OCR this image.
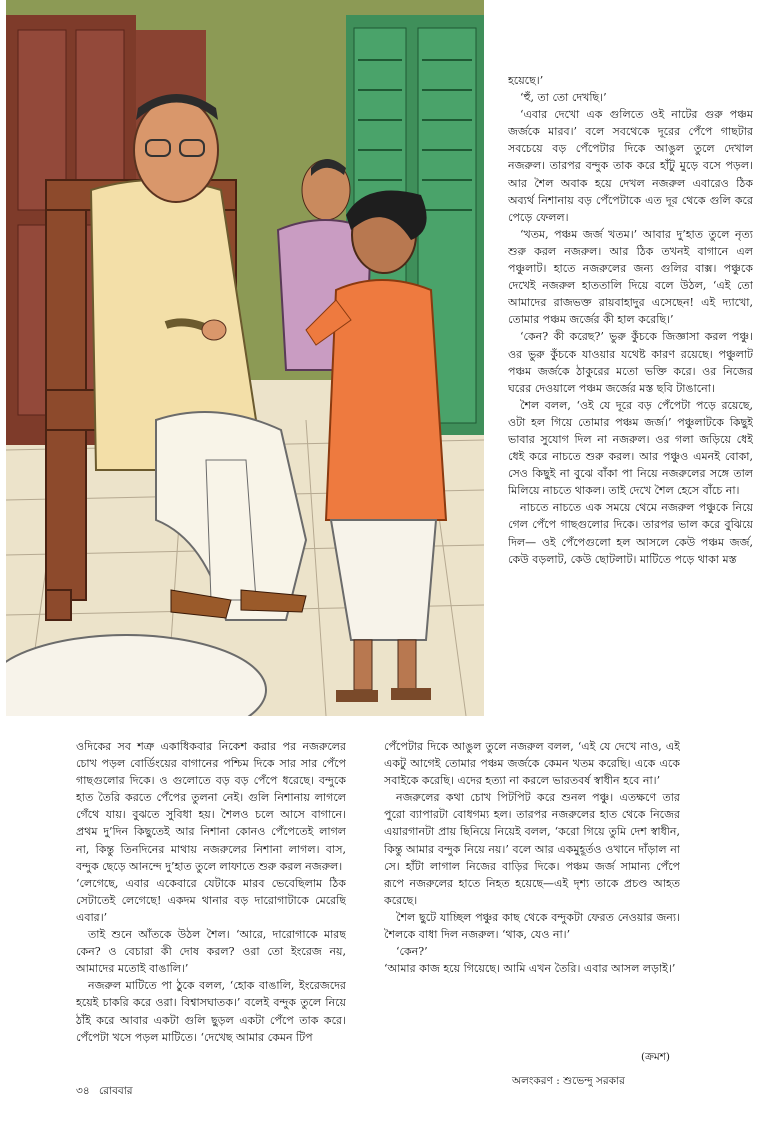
হয়েছে।’

‘হুঁ, তা তো দেখছি।’

‘এবার দেখো এক গুলিতে ওই নাটের গুরু পঞ্চম জর্জকে মারব।’ বলে সবথেকে দূরের পেঁপে গাছটার সবচেয়ে বড় পেঁপেটার দিকে আঙুল তুলে দেখাল নজরুল। তারপর বন্দুক তাক করে হাঁটু মুড়ে বসে পড়ল। আর শৈল অবাক হয়ে দেখল নজরুল এবারেও ঠিক অব্যর্থ নিশানায় বড় পেঁপেটাকে এত দূর থেকে গুলি করে পেড়ে ফেলল।

‘খতম, পঞ্চম জর্জ খতম।’ আবার দু’হাত তুলে নৃত্য শুরু করল নজরুল। আর ঠিক তখনই বাগানে এল পঞ্চুলাট। হাতে নজরুলের জন্য গুলির বাক্স। পঞ্চুকে দেখেই নজরুল হাততালি দিয়ে বলে উঠল, ‘এই তো আমাদের রাজভক্ত রায়বাহাদুর এসেছেন! এই দ্যাখো, তোমার পঞ্চম জর্জের কী হাল করেছি।’

‘কেন? কী করেছ?’ ভুরু কুঁচকে জিজ্ঞাসা করল পঞ্চু। ওর ভুরু কুঁচকে যাওয়ার যথেষ্ট কারণ রয়েছে। পঞ্চুলাট পঞ্চম জর্জকে ঠাকুরের মতো ভক্তি করে। ওর নিজের ঘরের দেওয়ালে পঞ্চম জর্জের মস্ত ছবি টাঙানো।

শৈল বলল, ‘ওই যে দূরে বড় পেঁপেটা পড়ে রয়েছে, ওটা হল গিয়ে তোমার পঞ্চম জর্জ।’ পঞ্চুলাটকে কিছুই ভাবার সুযোগ দিল না নজরুল। ওর গলা জড়িয়ে ধেই ধেই করে নাচতে শুরু করল। আর পঞ্চুও এমনই বোকা, সেও কিছুই না বুঝে বাঁকা পা নিয়ে নজরুলের সঙ্গে তাল মিলিয়ে নাচতে থাকল। তাই দেখে শৈল হেসে বাঁচে না।

নাচতে নাচতে এক সময়ে থেমে নজরুল পঞ্চুকে নিয়ে গেল পেঁপে গাছগুলোর দিকে। তারপর ভাল করে বুঝিয়ে দিল— ওই পেঁপেগুলো হল আসলে কেউ পঞ্চম জর্জ, কেউ বড়লাট, কেউ ছোটলাট। মাটিতে পড়ে থাকা মস্ত

ওদিকের সব শত্রু একাধিকবার নিকেশ করার পর নজরুলের চোখ পড়ল বোর্ডিংয়ের বাগানের পশ্চিম দিকে সার সার পেঁপে গাছগুলোর দিকে। ও গুলোতে বড় বড় পেঁপে ধরেছে। বন্দুকে হাত তৈরি করতে পেঁপের তুলনা নেই। গুলি নিশানায় লাগলে গেঁথে যায়। বুঝতে সুবিধা হয়। শৈলও চলে আসে বাগানে। প্রথম দু’দিন কিছুতেই আর নিশানা কোনও পেঁপেতেই লাগল না, কিন্তু তিনদিনের মাথায় নজরুলের নিশানা লাগল। বাস, বন্দুক ছেড়ে আনন্দে দু’হাত তুলে লাফাতে শুরু করল নজরুল।

‘লেগেছে, এবার একেবারে যেটাকে মারব ভেবেছিলাম ঠিক সেটাতেই লেগেছে! একদম থানার বড় দারোগাটাকে মেরেছি এবার।’

তাই শুনে আঁতকে উঠল শৈল। ‘আরে, দারোগাকে মারছ কেন? ও বেচারা কী দোষ করল? ওরা তো ইংরেজ নয়, আমাদের মতোই বাঙালি।’

নজরুল মাটিতে পা ঠুকে বলল, ‘হোক বাঙালি, ইংরেজদের হয়েই চাকরি করে ওরা। বিশ্বাসঘাতক।’ বলেই বন্দুক তুলে নিয়ে ঠাঁই করে আবার একটা গুলি ছুড়ল একটা পেঁপে তাক করে। পেঁপেটা খসে পড়ল মাটিতে। ‘দেখেছ আমার কেমন টিপ

পেঁপেটার দিকে আঙুল তুলে নজরুল বলল, ‘এই যে দেখে নাও, এই একটু আগেই তোমার পঞ্চম জর্জকে কেমন খতম করেছি। একে একে সবাইকে করেছি। এদের হত্যা না করলে ভারতবর্ষ স্বাধীন হবে না।’

নজরুলের কথা চোখ পিটপিট করে শুনল পঞ্চু। এতক্ষণে তার পুরো ব্যাপারটা বোধগম্য হল। তারপর নজরুলের হাত থেকে নিজের এয়ারগানটা প্রায় ছিনিয়ে নিয়েই বলল, ‘করো গিয়ে তুমি দেশ স্বাধীন, কিন্তু আমার বন্দুক নিয়ে নয়।’ বলে আর একমুহূর্তও ওখানে দাঁড়াল না সে। হাঁটা লাগাল নিজের বাড়ির দিকে। পঞ্চম জর্জ সামান্য পেঁপে রূপে নজরুলের হাতে নিহত হয়েছে—এই দৃশ্য তাকে প্রচণ্ড আহত করেছে।

শৈল ছুটে যাচ্ছিল পঞ্চুর কাছ থেকে বন্দুকটা ফেরত নেওয়ার জন্য। শৈলকে বাধা দিল নজরুল। ‘থাক, যেও না।’

‘কেন?’

‘আমার কাজ হয়ে গিয়েছে। আমি এখন তৈরি। এবার আসল লড়াই।’

(ক্রমশ)
অলংকরণ : শুভেন্দু সরকার
৩৪ রোববার
